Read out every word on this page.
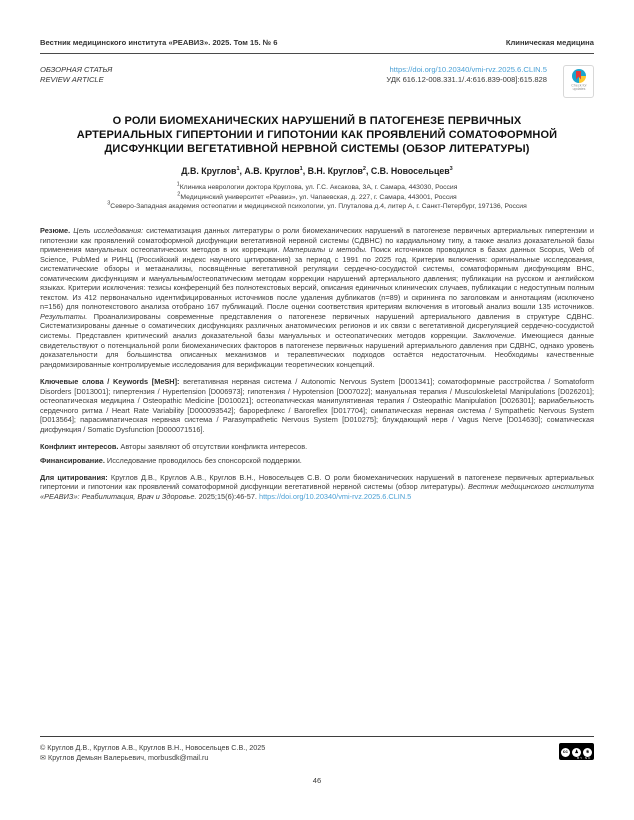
Вестник медицинского института «РЕАВИЗ». 2025. Том 15. № 6	Клиническая медицина
ОБЗОРНАЯ СТАТЬЯ
REVIEW ARTICLE
https://doi.org/10.20340/vmi-rvz.2025.6.CLIN.5
УДК 616.12-008.331.1/.4:616.839-008]:615.828
Check for updates
О РОЛИ БИОМЕХАНИЧЕСКИХ НАРУШЕНИЙ В ПАТОГЕНЕЗЕ ПЕРВИЧНЫХ
АРТЕРИАЛЬНЫХ ГИПЕРТОНИИ И ГИПОТОНИИ КАК ПРОЯВЛЕНИЙ СОМАТОФОРМНОЙ
ДИСФУНКЦИИ ВЕГЕТАТИВНОЙ НЕРВНОЙ СИСТЕМЫ (ОБЗОР ЛИТЕРАТУРЫ)
Д.В. Круглов$^1$, А.В. Круглов$^1$, В.Н. Круглов$^2$, С.В. Новосельцев$^3$
$^1$Клиника неврологии доктора Круглова, ул. Г.С. Аксакова, 3А, г. Самара, 443030, Россия
$^2$Медицинский университет «Реавиз», ул. Чапаевская, д. 227, г. Самара, 443001, Россия
$^3$Северо-Западная академия остеопатии и медицинской психологии, ул. Плуталова д.4, литер А, г. Санкт-Петербург, 197136, Россия

Резюме. Цель исследования: систематизация данных литературы о роли биомеханических нарушений в патогенезе первичных артериальных гипертензии и гипотензии как проявлений соматоформной дисфункции вегетативной нервной системы (СДВНС) по кардиальному типу, а также анализ доказательной базы применения мануальных остеопатических методов в их коррекции. Материалы и методы. Поиск источников проводился в базах данных Scopus, Web of Science, PubMed и РИНЦ (Российский индекс научного цитирования) за период с 1991 по 2025 год. Критерии включения: оригинальные исследования, систематические обзоры и метаанализы, посвящённые вегетативной регуляции сердечно-сосудистой системы, соматоформным дисфункциям ВНС, соматическим дисфункциям и мануальным/остеопатическим методам коррекции нарушений артериального давления; публикации на русском и английском языках. Критерии исключения: тезисы конференций без полнотекстовых версий, описания единичных клинических случаев, публикации с недоступным полным текстом. Из 412 первоначально идентифицированных источников после удаления дубликатов (n=89) и скрининга по заголовкам и аннотациям (исключено n=156) для полнотекстового анализа отобрано 167 публикаций. После оценки соответствия критериям включения в итоговый анализ вошли 135 источников. Результаты. Проанализированы современные представления о патогенезе первичных нарушений артериального давления в структуре СДВНС. Систематизированы данные о соматических дисфункциях различных анатомических регионов и их связи с вегетативной дисрегуляцией сердечно-сосудистой системы. Представлен критический анализ доказательной базы мануальных и остеопатических методов коррекции. Заключение. Имеющиеся данные свидетельствуют о потенциальной роли биомеханических факторов в патогенезе первичных нарушений артериального давления при СДВНС, однако уровень доказательности для большинства описанных механизмов и терапевтических подходов остаётся недостаточным. Необходимы качественные рандомизированные контролируемые исследования для верификации теоретических концепций.

Ключевые слова / Keywords [MeSH]: вегетативная нервная система / Autonomic Nervous System [D001341]; соматоформные расстройства / Somatoform Disorders [D013001]; гипертензия / Hypertension [D006973]; гипотензия / Hypotension [D007022]; мануальная терапия / Musculoskeletal Manipulations [D026201]; остеопатическая медицина / Osteopathic Medicine [D010021]; остеопатическая манипулятивная терапия / Osteopathic Manipulation [D026301]; вариабельность сердечного ритма / Heart Rate Variability [D000093542]; барорефлекс / Baroreflex [D017704]; симпатическая нервная система / Sympathetic Nervous System [D013564]; парасимпатическая нервная система / Parasympathetic Nervous System [D010275]; блуждающий нерв / Vagus Nerve [D014630]; соматическая дисфункция / Somatic Dysfunction [D000071516].

Конфликт интересов. Авторы заявляют об отсутствии конфликта интересов.

Финансирование. Исследование проводилось без спонсорской поддержки.

Для цитирования: Круглов Д.В., Круглов А.В., Круглов В.Н., Новосельцев С.В. О роли биомеханических нарушений в патогенезе первичных артериальных гипертонии и гипотонии как проявлений соматоформной дисфункции вегетативной нервной системы (обзор литературы). Вестник медицинского института «РЕАВИЗ»: Реабилитация, Врач и Здоровье. 2025;15(6):46-57. https://doi.org/10.20340/vmi-rvz.2025.6.CLIN.5

© Круглов Д.В., Круглов А.В., Круглов В.Н., Новосельцев С.В., 2025
✉ Круглов Демьян Валерьевич, morbusdk@mail.ru
cc ♟ $
BY NC
46
